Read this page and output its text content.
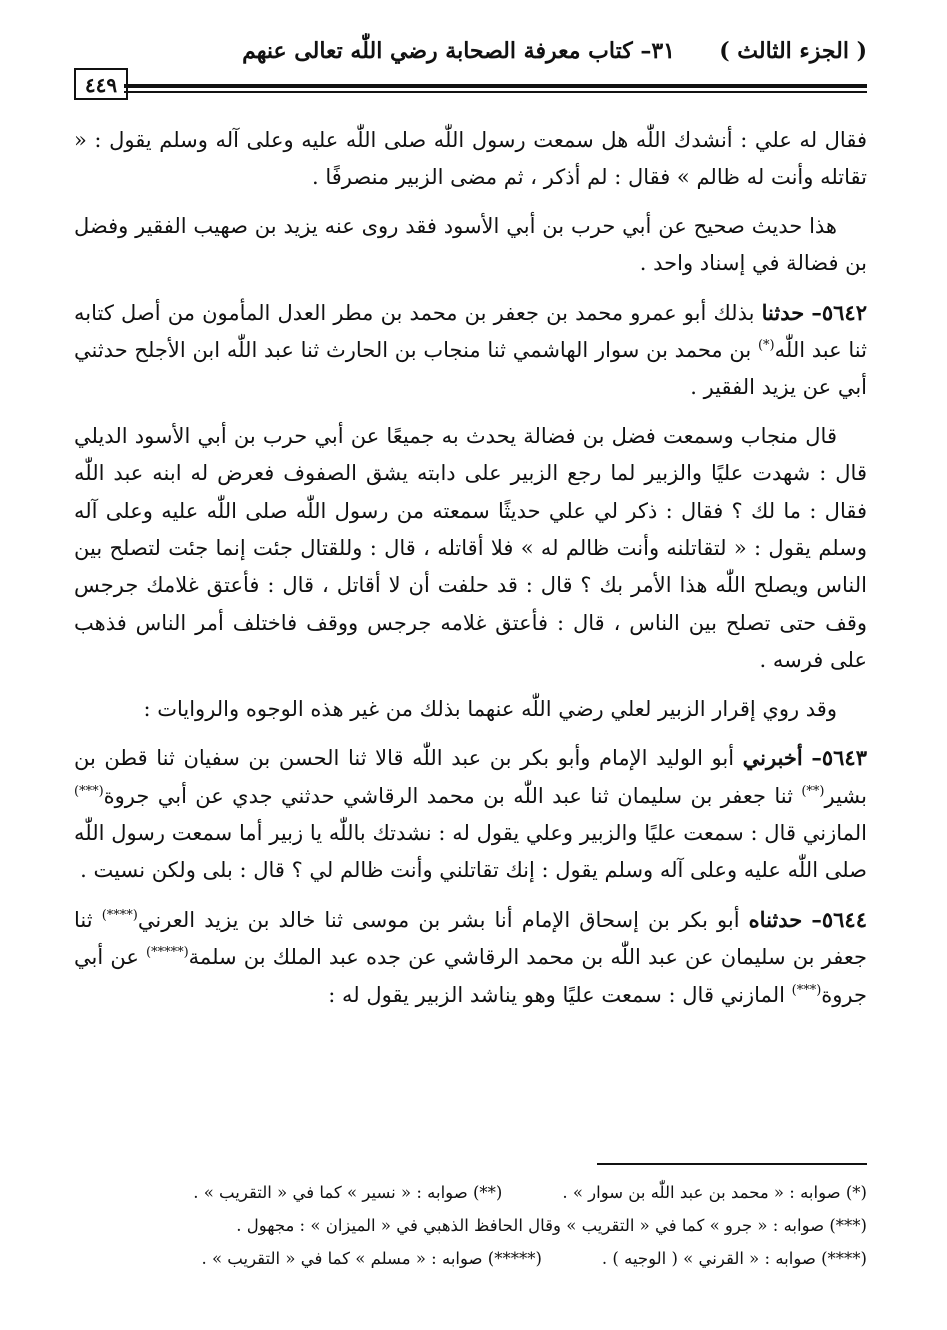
( الجزء الثالث )
٣١– كتاب معرفة الصحابة رضي اللّٰه تعالى عنهم
٤٤٩

فقال له علي : أنشدك اللّٰه هل سمعت رسول اللّٰه صلى اللّٰه عليه وعلى آله وسلم يقول : « تقاتله وأنت له ظالم » فقال : لم أذكر ، ثم مضى الزبير منصرفًا .

هذا حديث صحيح عن أبي حرب بن أبي الأسود فقد روى عنه يزيد بن صهيب الفقير وفضل بن فضالة في إسناد واحد .

٥٦٤٢– حدثنا بذلك أبو عمرو محمد بن جعفر بن محمد بن مطر العدل المأمون من أصل كتابه ثنا عبد اللّٰه(*) بن محمد بن سوار الهاشمي ثنا منجاب بن الحارث ثنا عبد اللّٰه ابن الأجلح حدثني أبي عن يزيد الفقير .

قال منجاب وسمعت فضل بن فضالة يحدث به جميعًا عن أبي حرب بن أبي الأسود الديلي قال : شهدت عليًا والزبير لما رجع الزبير على دابته يشق الصفوف فعرض له ابنه عبد اللّٰه فقال : ما لك ؟ فقال : ذكر لي علي حديثًا سمعته من رسول اللّٰه صلى اللّٰه عليه وعلى آله وسلم يقول : « لتقاتلنه وأنت ظالم له » فلا أقاتله ، قال : وللقتال جئت إنما جئت لتصلح بين الناس ويصلح اللّٰه هذا الأمر بك ؟ قال : قد حلفت أن لا أقاتل ، قال : فأعتق غلامك جرجس وقف حتى تصلح بين الناس ، قال : فأعتق غلامه جرجس ووقف فاختلف أمر الناس فذهب على فرسه .

وقد روي إقرار الزبير لعلي رضي اللّٰه عنهما بذلك من غير هذه الوجوه والروايات :

٥٦٤٣– أخبرني أبو الوليد الإمام وأبو بكر بن عبد اللّٰه قالا ثنا الحسن بن سفيان ثنا قطن بن بشير(**) ثنا جعفر بن سليمان ثنا عبد اللّٰه بن محمد الرقاشي حدثني جدي عن أبي جروة(***) المازني قال : سمعت عليًا والزبير وعلي يقول له : نشدتك باللّٰه يا زبير أما سمعت رسول اللّٰه صلى اللّٰه عليه وعلى آله وسلم يقول : إنك تقاتلني وأنت ظالم لي ؟ قال : بلى ولكن نسيت .

٥٦٤٤– حدثناه أبو بكر بن إسحاق الإمام أنا بشر بن موسى ثنا خالد بن يزيد العرني(****) ثنا جعفر بن سليمان عن عبد اللّٰه بن محمد الرقاشي عن جده عبد الملك بن سلمة(*****) عن أبي جروة(***) المازني قال : سمعت عليًا وهو يناشد الزبير يقول له :

(*) صوابه : « محمد بن عبد اللّٰه بن سوار » .(**) صوابه : « نسير » كما في « التقريب » .
(***) صوابه : « جرو » كما في « التقريب » وقال الحافظ الذهبي في « الميزان » : مجهول .
(****) صوابه : « القرني » ( الوجيه ) .(*****) صوابه : « مسلم » كما في « التقريب » .
